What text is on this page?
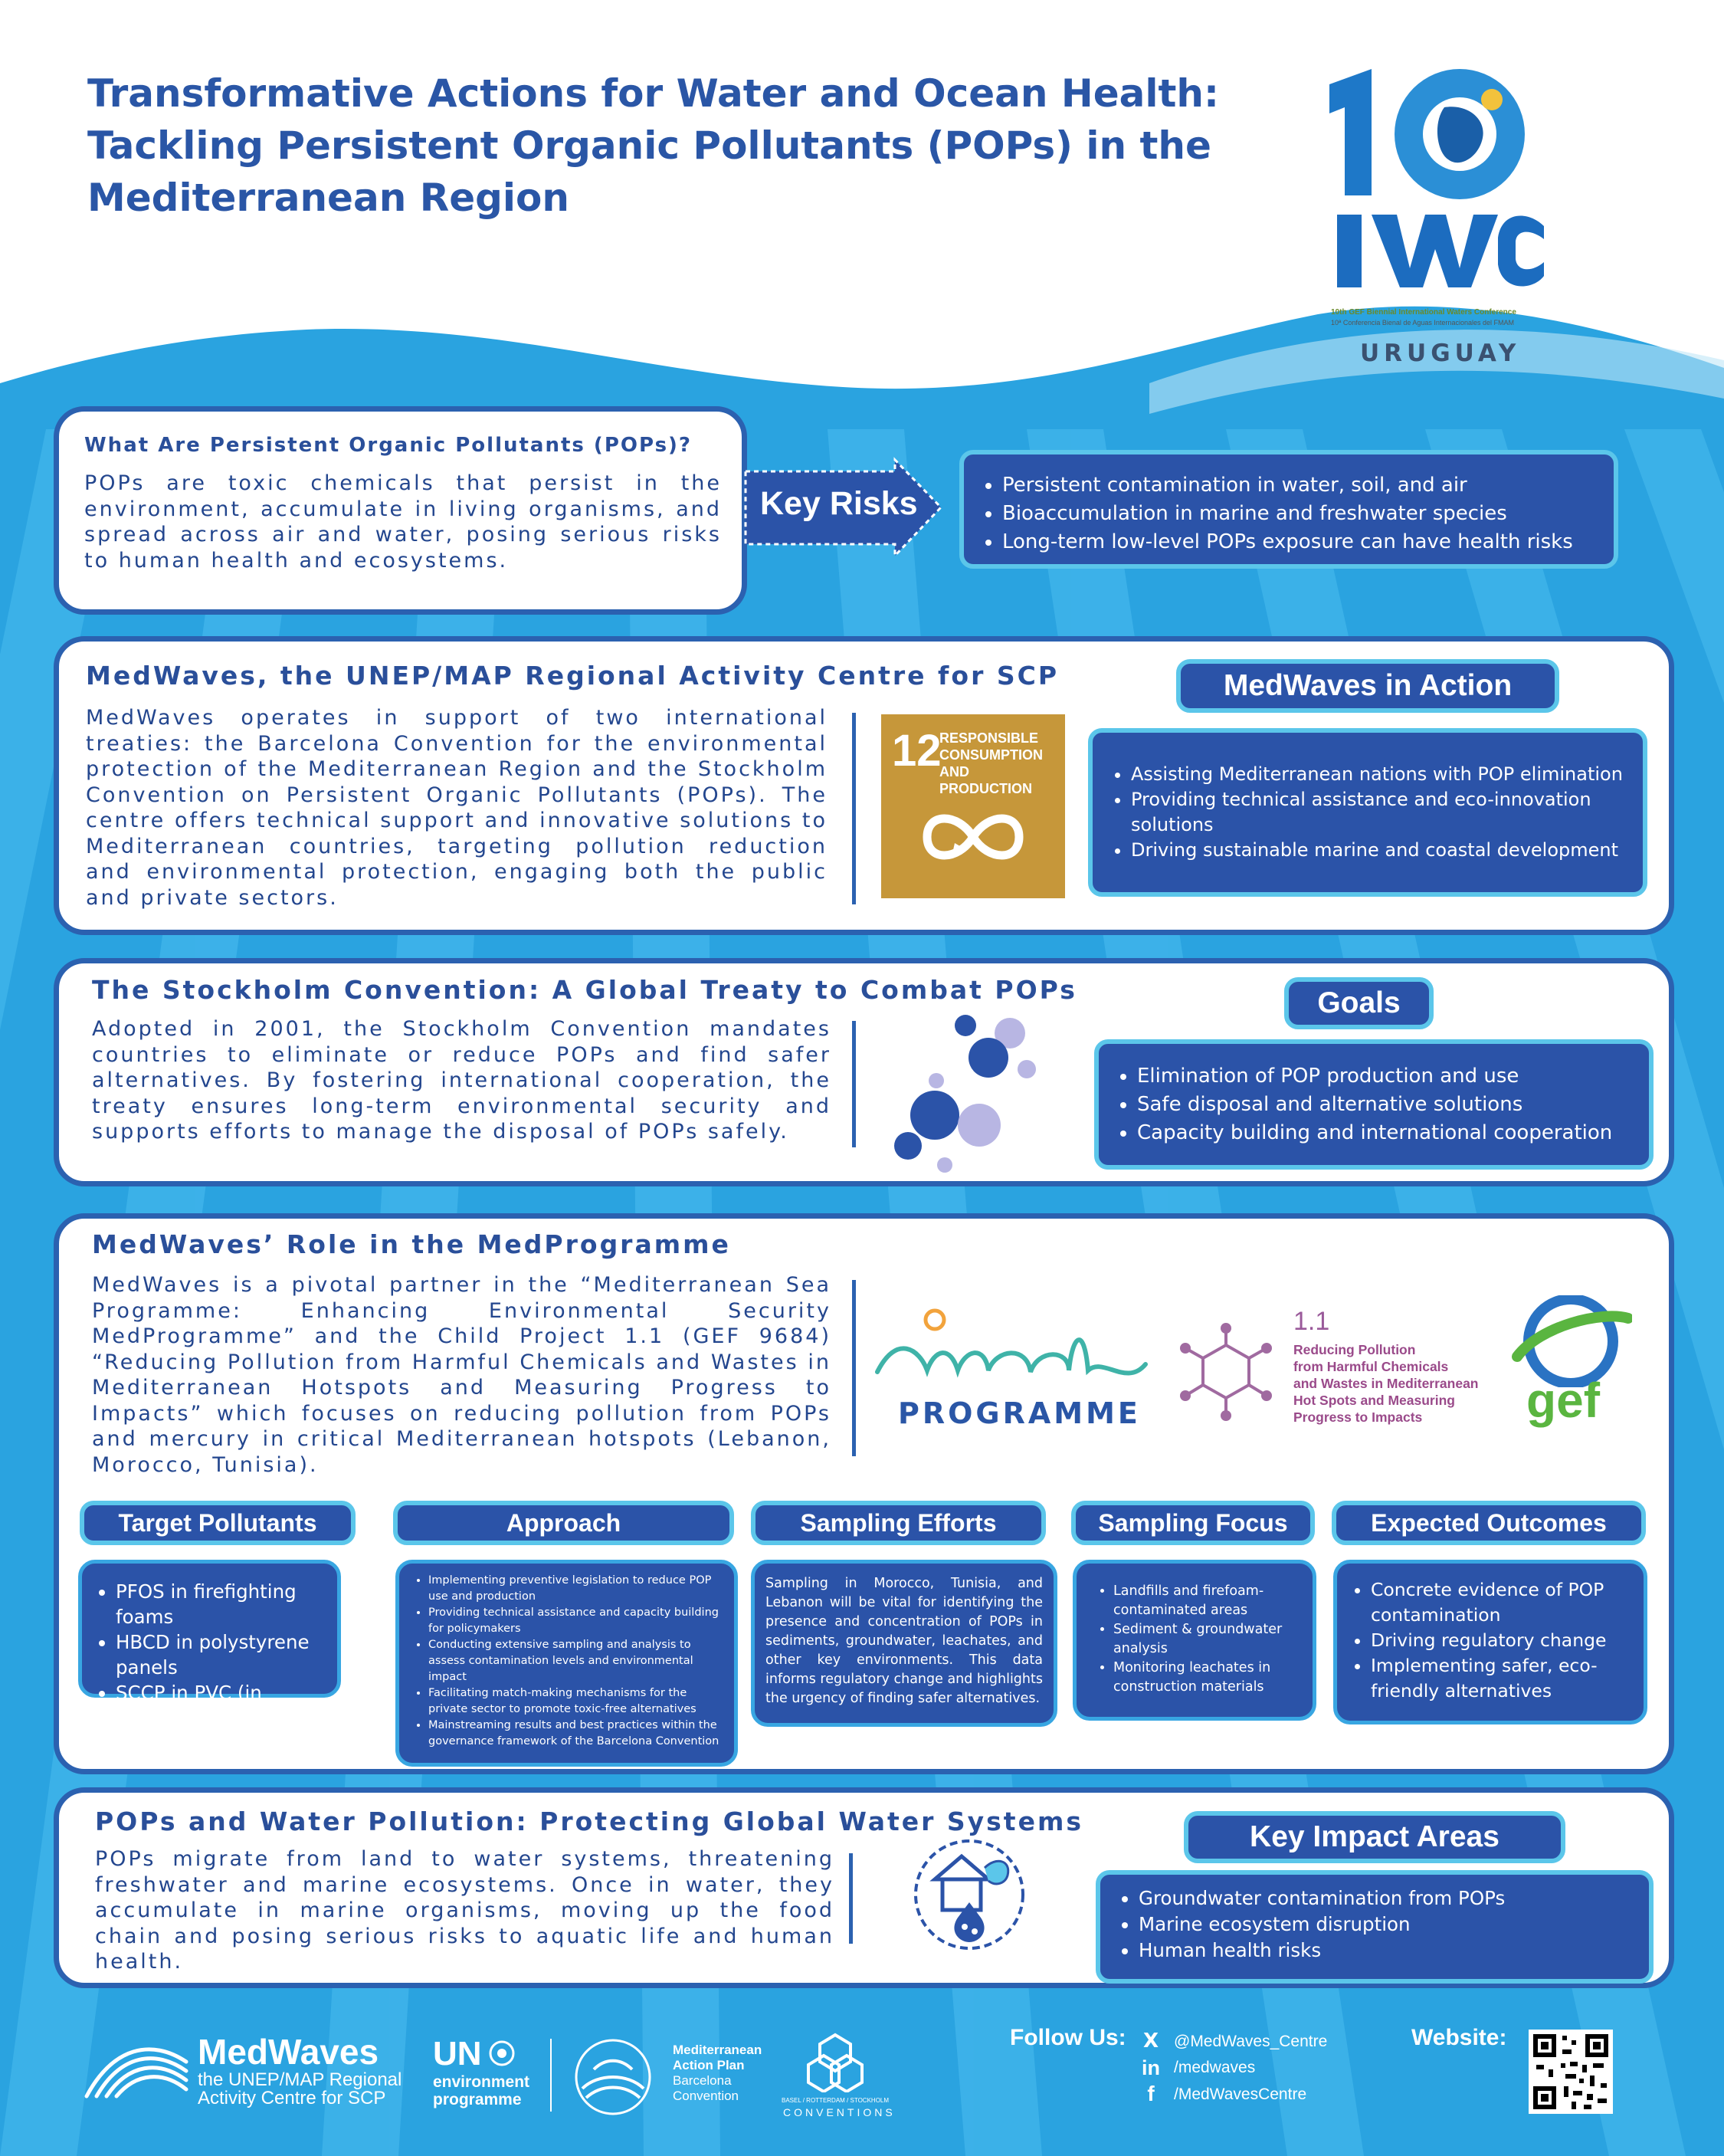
Transformative Actions for Water and Ocean Health:
Tackling Persistent Organic Pollutants (POPs) in the
Mediterranean Region
10th GEF Biennial International Waters Conference
10ª Conferencia Bienal de Aguas Internacionales del FMAM
URUGUAY
What Are Persistent Organic Pollutants (POPs)?
POPs are toxic chemicals that persist in the environment, accumulate in living organisms, and spread across air and water, posing serious risks to human health and ecosystems.
Key Risks
•	Persistent contamination in water, soil, and air
• Bioaccumulation in marine and freshwater species
• Long-term low-level POPs exposure can have health risks
MedWaves, the UNEP/MAP Regional Activity Centre for SCP
MedWaves operates in support of two international treaties: the Barcelona Convention for the environmental protection of the Mediterranean Region and the Stockholm Convention on Persistent Organic Pollutants (POPs). The centre offers technical support and innovative solutions to Mediterranean countries, targeting pollution reduction and environmental protection, engaging both the public and private sectors.
12
RESPONSIBLE
CONSUMPTION
AND PRODUCTION
MedWaves in Action
• Assisting Mediterranean nations with POP elimination
• Providing technical assistance and eco-innovation solutions
• Driving sustainable marine and coastal development
The Stockholm Convention: A Global Treaty to Combat POPs
Adopted in 2001, the Stockholm Convention mandates countries to eliminate or reduce POPs and find safer alternatives. By fostering international cooperation, the treaty ensures long-term environmental security and supports efforts to manage the disposal of POPs safely.
Goals
• Elimination of POP production and use
• Safe disposal and alternative solutions
• Capacity building and international cooperation
MedWaves’ Role in the MedProgramme
MedWaves is a pivotal partner in the “Mediterranean Sea Programme: Enhancing Environmental Security MedProgramme” and the Child Project 1.1 (GEF 9684) “Reducing Pollution from Harmful Chemicals and Wastes in Mediterranean Hotspots and Measuring Progress to Impacts” which focuses on reducing pollution from POPs and mercury in critical Mediterranean hotspots (Lebanon, Morocco, Tunisia).
PROGRAMME
1.1
Reducing Pollution
from Harmful Chemicals
and Wastes in Mediterranean
Hot Spots and Measuring
Progress to Impacts	gef
Target Pollutants	Approach	Sampling Efforts	Sampling Focus	Expected Outcomes
• PFOS in firefighting foams
• HBCD in polystyrene panels
• SCCP in PVC (in Lebanon)
• Implementing preventive legislation to reduce POP use and production
• Providing technical assistance and capacity building for policymakers
• Conducting extensive sampling and analysis to assess contamination levels and environmental impact
• Facilitating match-making mechanisms for the private sector to promote toxic-free alternatives
• Mainstreaming results and best practices within the governance framework of the Barcelona Convention
Sampling in Morocco, Tunisia, and Lebanon will be vital for identifying the presence and concentration of POPs in sediments, groundwater, leachates, and other key environments. This data informs regulatory change and highlights the urgency of finding safer alternatives.
• Landfills and firefoam-contaminated areas
• Sediment & groundwater analysis
• Monitoring leachates in construction materials
• Concrete evidence of POP contamination
• Driving regulatory change
• Implementing safer, eco-friendly alternatives
POPs and Water Pollution: Protecting Global Water Systems
POPs migrate from land to water systems, threatening freshwater and marine ecosystems. Once in water, they accumulate in marine organisms, moving up the food chain and posing serious risks to aquatic life and human health.
Key Impact Areas
• Groundwater contamination from POPs
• Marine ecosystem disruption
• Human health risks
MedWaves
the UNEP/MAP Regional
Activity Centre for SCP
UN
environment
programme
Mediterranean
Action Plan
Barcelona
Convention	BASEL / ROTTERDAM / STOCKHOLM
CONVENTIONS
Follow Us: X @MedWaves_Centre
in /medwaves
f	/MedWavesCentre
Website:
